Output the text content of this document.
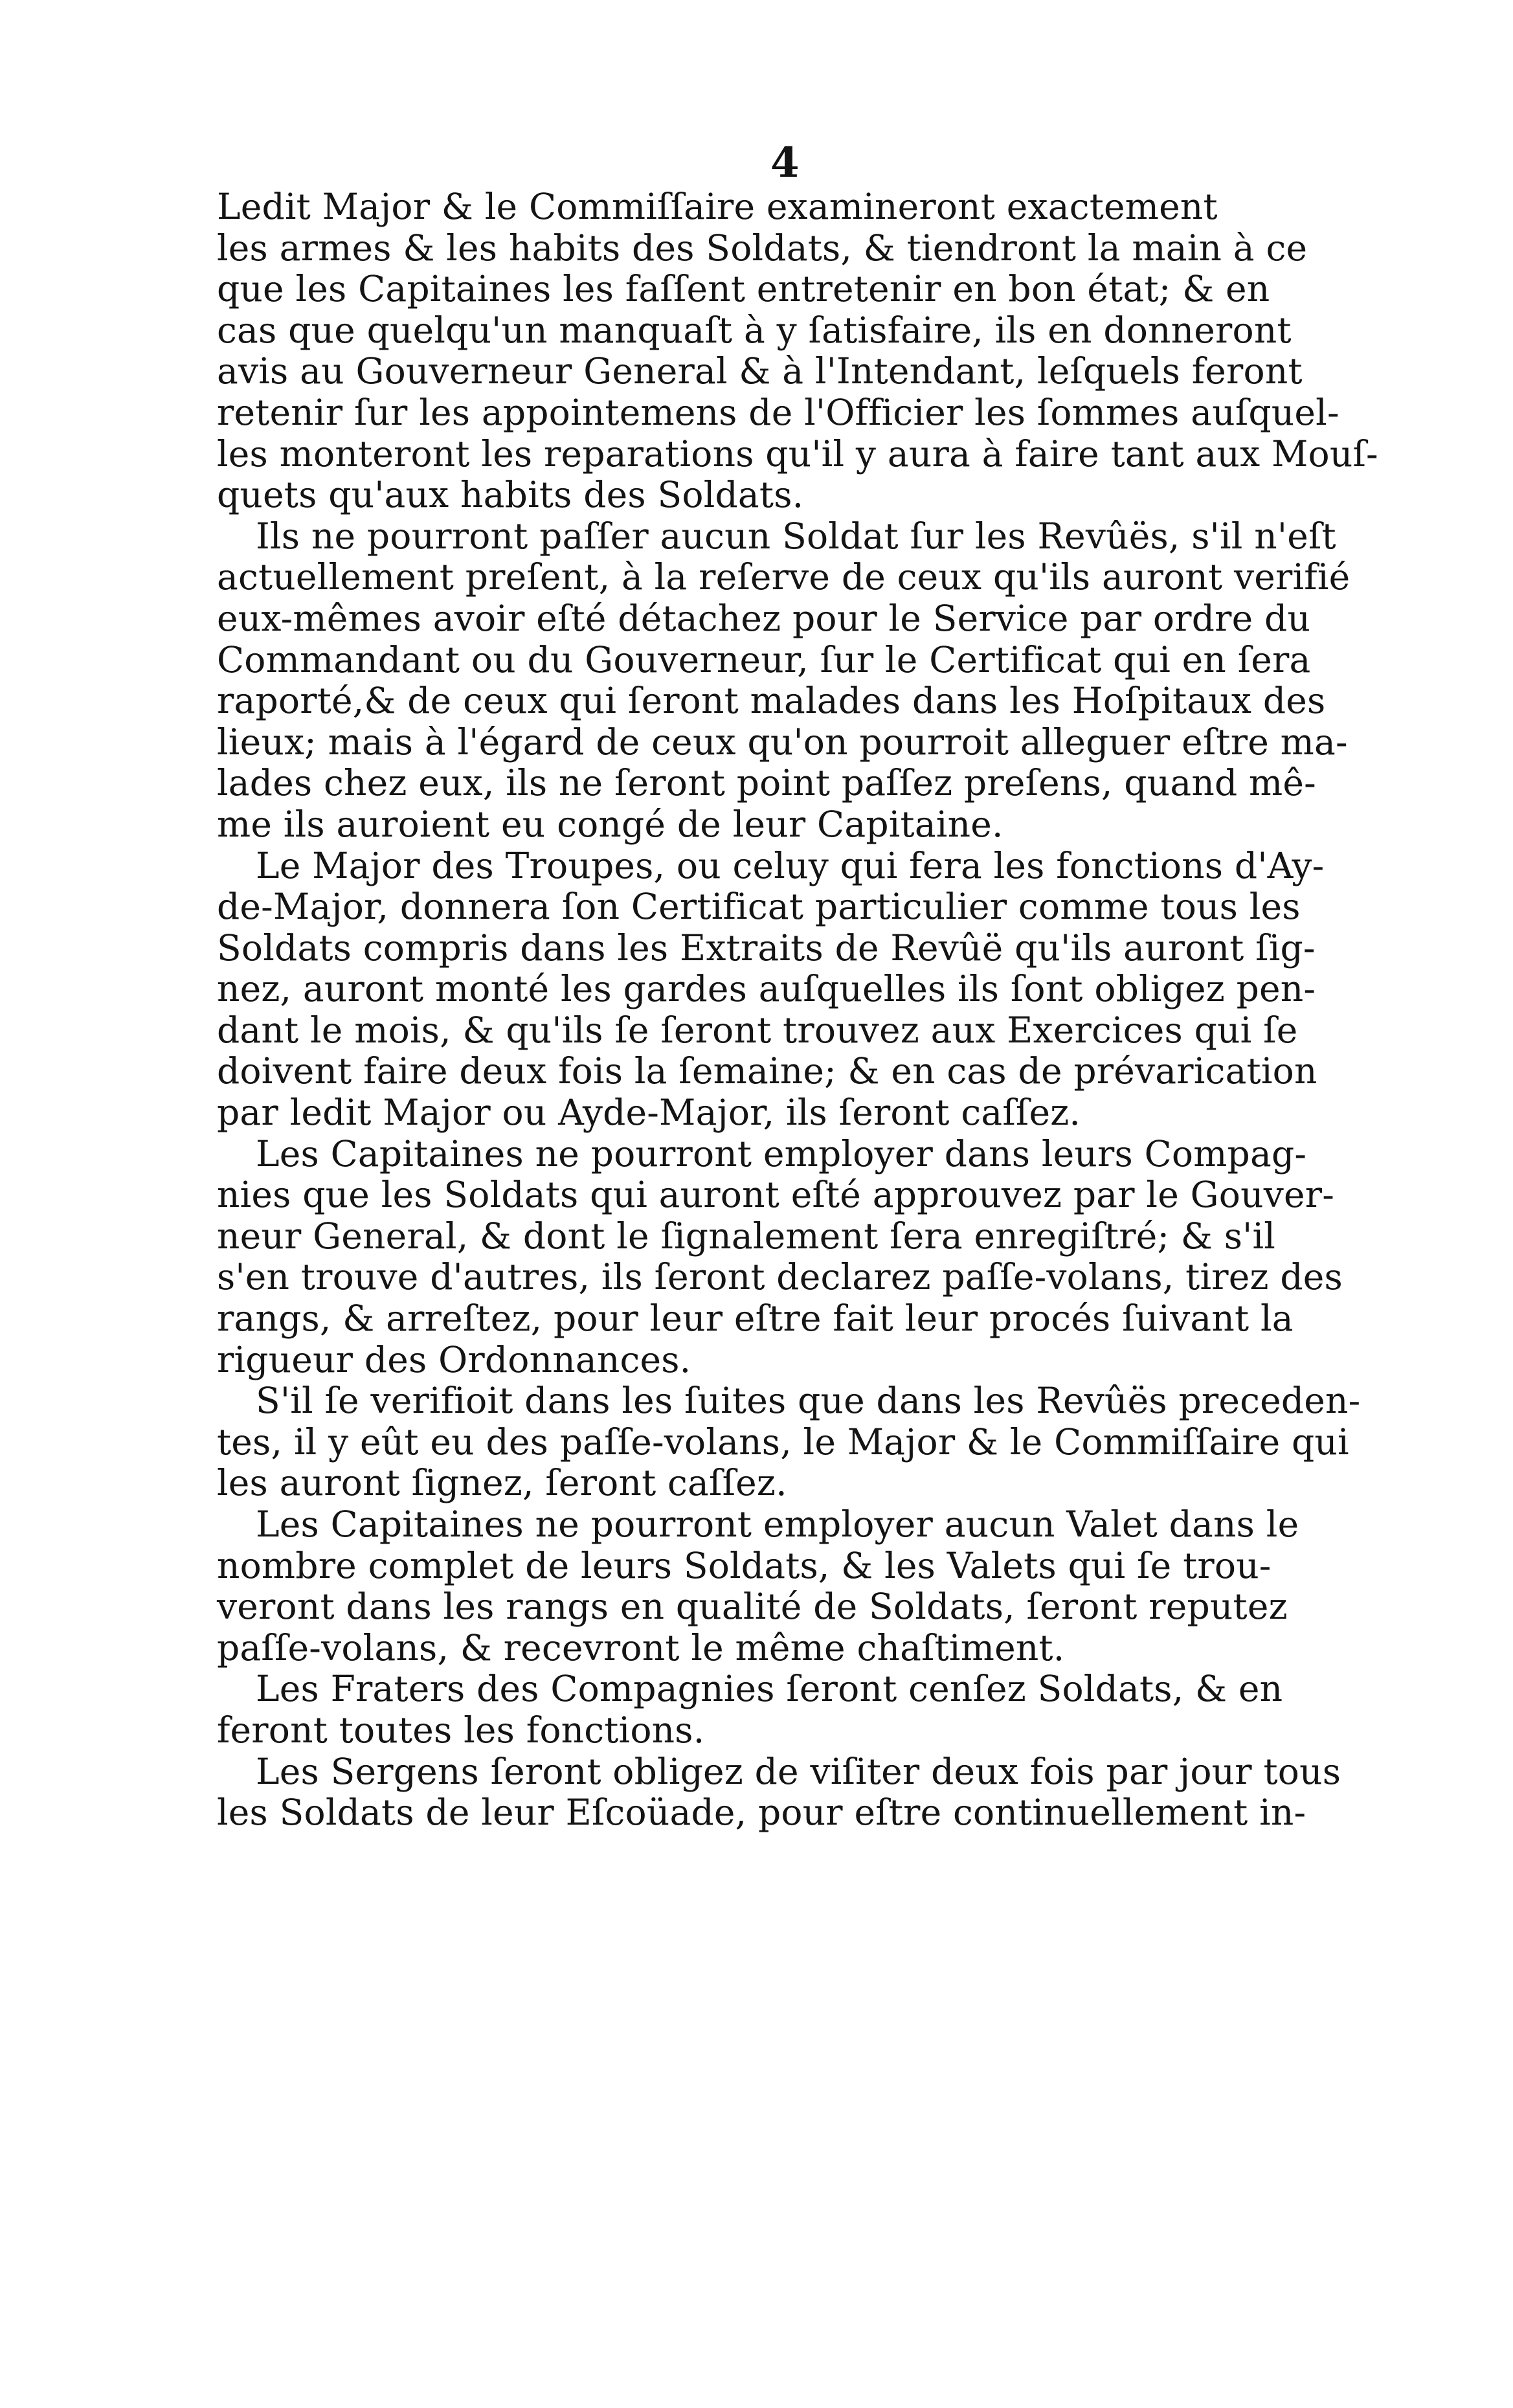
4
Ledit Major & le Commiſſaire examineront exactement
les armes & les habits des Soldats, & tiendront la main à ce
que les Capitaines les faſſent entretenir en bon état; & en
cas que quelqu'un manquaſt à y ſatisfaire, ils en donneront
avis au Gouverneur General & à l'Intendant, leſquels feront
retenir ſur les appointemens de l'Officier les ſommes auſquel-
les monteront les reparations qu'il y aura à faire tant aux Mouſ-
quets qu'aux habits des Soldats.
Ils ne pourront paſſer aucun Soldat ſur les Revûës, s'il n'eſt
actuellement preſent, à la reſerve de ceux qu'ils auront verifié
eux-mêmes avoir eſté détachez pour le Service par ordre du
Commandant ou du Gouverneur, ſur le Certificat qui en ſera
raporté,& de ceux qui ſeront malades dans les Hoſpitaux des
lieux; mais à l'égard de ceux qu'on pourroit alleguer eſtre ma-
lades chez eux, ils ne ſeront point paſſez preſens, quand mê-
me ils auroient eu congé de leur Capitaine.
Le Major des Troupes, ou celuy qui fera les fonctions d'Ay-
de-Major, donnera ſon Certificat particulier comme tous les
Soldats compris dans les Extraits de Revûë qu'ils auront ſig-
nez, auront monté les gardes auſquelles ils ſont obligez pen-
dant le mois, & qu'ils ſe ſeront trouvez aux Exercices qui ſe
doivent faire deux fois la ſemaine; & en cas de prévarication
par ledit Major ou Ayde-Major, ils ſeront caſſez.
Les Capitaines ne pourront employer dans leurs Compag-
nies que les Soldats qui auront eſté approuvez par le Gouver-
neur General, & dont le ſignalement ſera enregiſtré; & s'il
s'en trouve d'autres, ils ſeront declarez paſſe-volans, tirez des
rangs, & arreſtez, pour leur eſtre fait leur procés ſuivant la
rigueur des Ordonnances.
S'il ſe verifioit dans les ſuites que dans les Revûës preceden-
tes, il y eût eu des paſſe-volans, le Major & le Commiſſaire qui
les auront ſignez, ſeront caſſez.
Les Capitaines ne pourront employer aucun Valet dans le
nombre complet de leurs Soldats, & les Valets qui ſe trou-
veront dans les rangs en qualité de Soldats, ſeront reputez
paſſe-volans, & recevront le même chaſtiment.
Les Fraters des Compagnies ſeront cenſez Soldats, & en
feront toutes les fonctions.
Les Sergens ſeront obligez de viſiter deux fois par jour tous
les Soldats de leur Eſcoüade, pour eſtre continuellement in-
